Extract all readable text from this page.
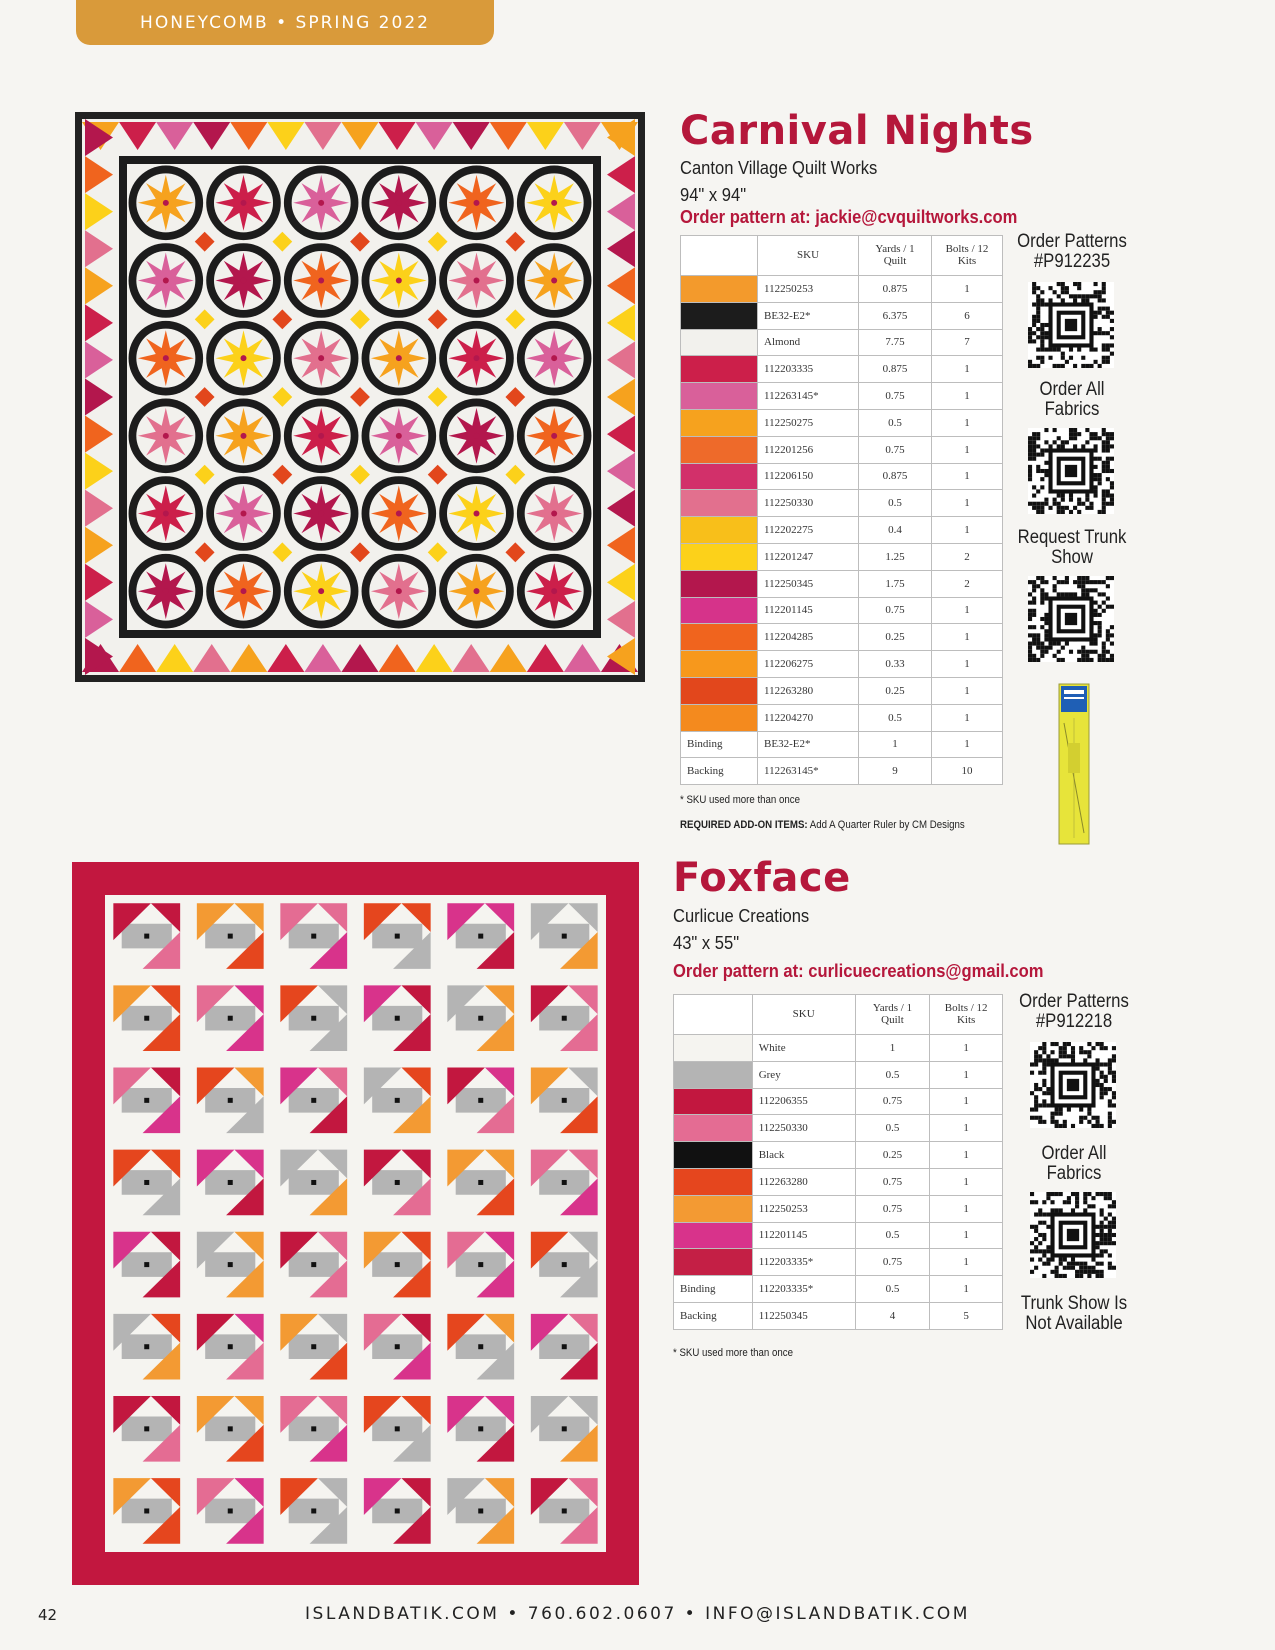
HONEYCOMB • SPRING 2022
Carnival Nights
Canton Village Quilt Works
94" x 94"
Order pattern at: jackie@cvquiltworks.com
	SKU	Yards / 1 Quilt	Bolts / 12 Kits
	112250253	0.875	1
	BE32-E2*	6.375	6
	Almond	7.75	7
	112203335	0.875	1
	112263145*	0.75	1
	112250275	0.5	1
	112201256	0.75	1
	112206150	0.875	1
	112250330	0.5	1
	112202275	0.4	1
	112201247	1.25	2
	112250345	1.75	2
	112201145	0.75	1
	112204285	0.25	1
	112206275	0.33	1
	112263280	0.25	1
	112204270	0.5	1
Binding	BE32-E2*	1	1
Backing	112263145*	9	10
* SKU used more than once
REQUIRED ADD-ON ITEMS: Add A Quarter Ruler by CM Designs
Order Patterns #P912235
Order All Fabrics
Request Trunk Show
Foxface
Curlicue Creations
43" x 55"
Order pattern at: curlicuecreations@gmail.com
	SKU	Yards / 1 Quilt	Bolts / 12 Kits
	White	1	1
	Grey	0.5	1
	112206355	0.75	1
	112250330	0.5	1
	Black	0.25	1
	112263280	0.75	1
	112250253	0.75	1
	112201145	0.5	1
	112203335*	0.75	1
Binding	112203335*	0.5	1
Backing	112250345	4	5
* SKU used more than once
Order Patterns #P912218
Order All Fabrics
Trunk Show Is Not Available
42	ISLANDBATIK.COM • 760.602.0607 • INFO@ISLANDBATIK.COM
